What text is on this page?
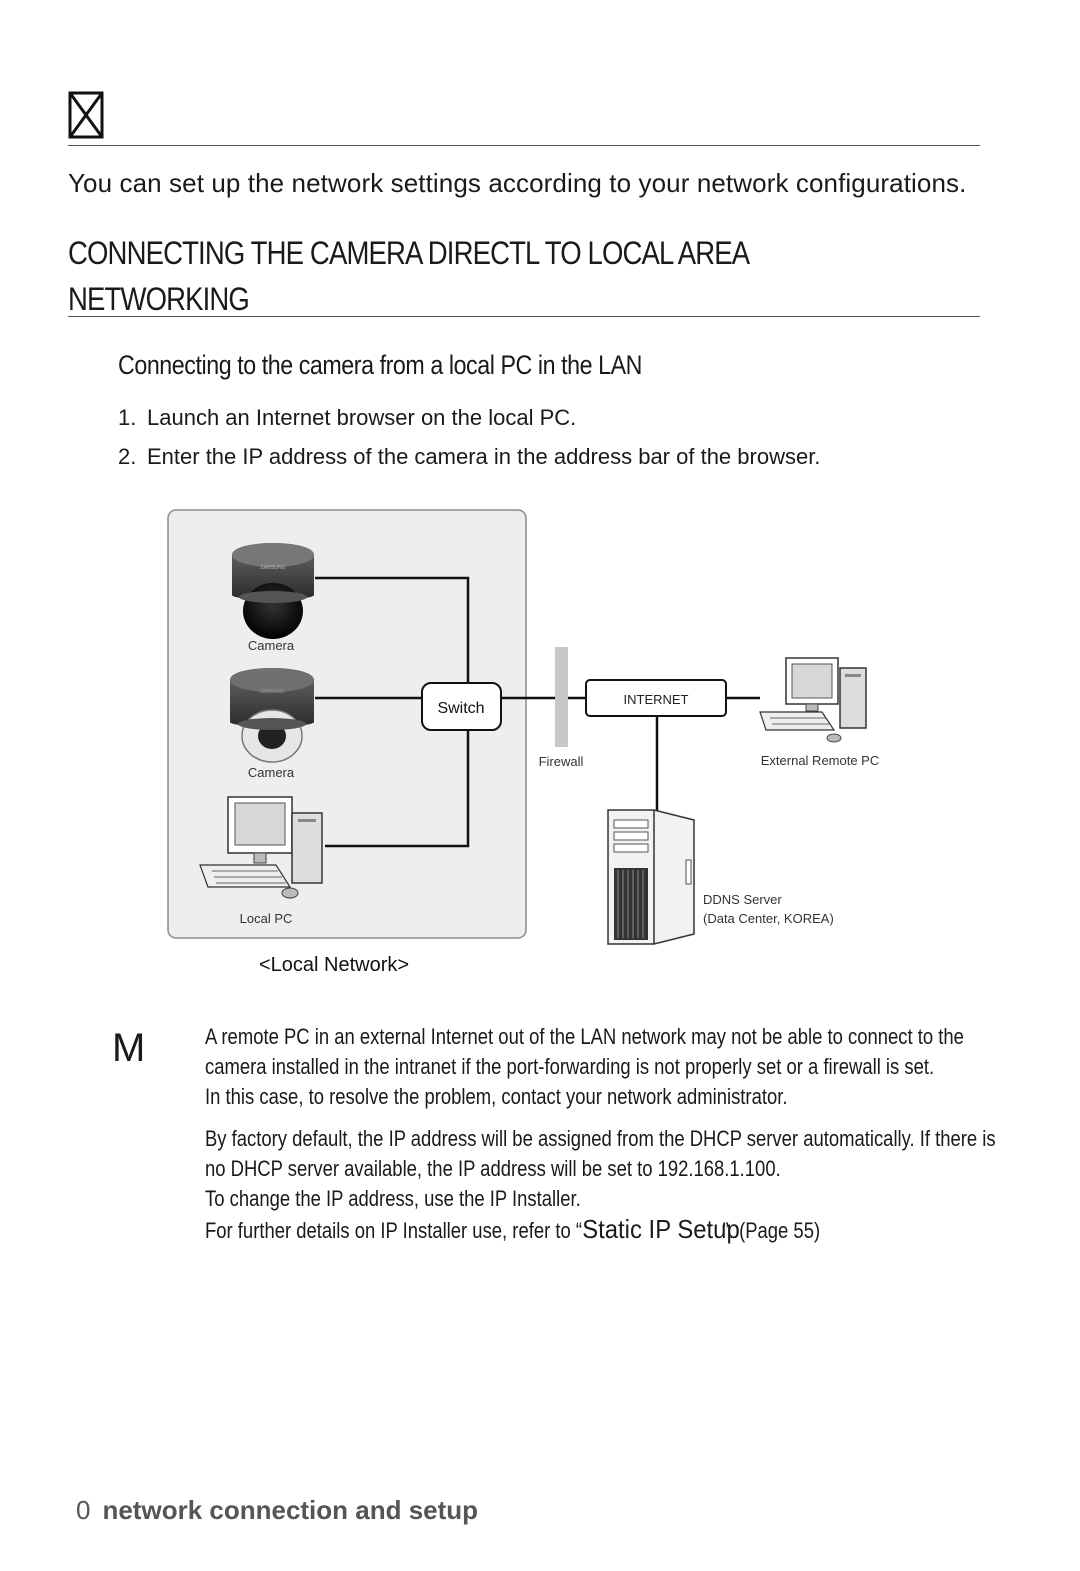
You can set up the network settings according to your network configurations.
CONNECTING THE CAMERA DIRECTL TO LOCAL AREA
NETWORKING
Connecting to the camera from a local PC in the LAN
1. Launch an Internet browser on the local PC.
2. Enter the IP address of the camera in the address bar of the browser.
SAMSUNG
Camera
SAMSUNG
Camera
Local PC
Switch
Firewall
INTERNET
External Remote PC
DDNS Server
(Data Center, KOREA)
<Local Network>
M	A remote PC in an external Internet out of the LAN network may not be able to connect to the
camera installed in the intranet if the port-forwarding is not properly set or a firewall is set.
In this case, to resolve the problem, contact your network administrator.
By factory default, the IP address will be assigned from the DHCP server automatically. If there is
no DHCP server available, the IP address will be set to 192.168.1.100.
To change the IP address, use the IP Installer.
For further details on IP Installer use, refer to “Static IP Setup”. (Page 55)
0 network connection and setup
